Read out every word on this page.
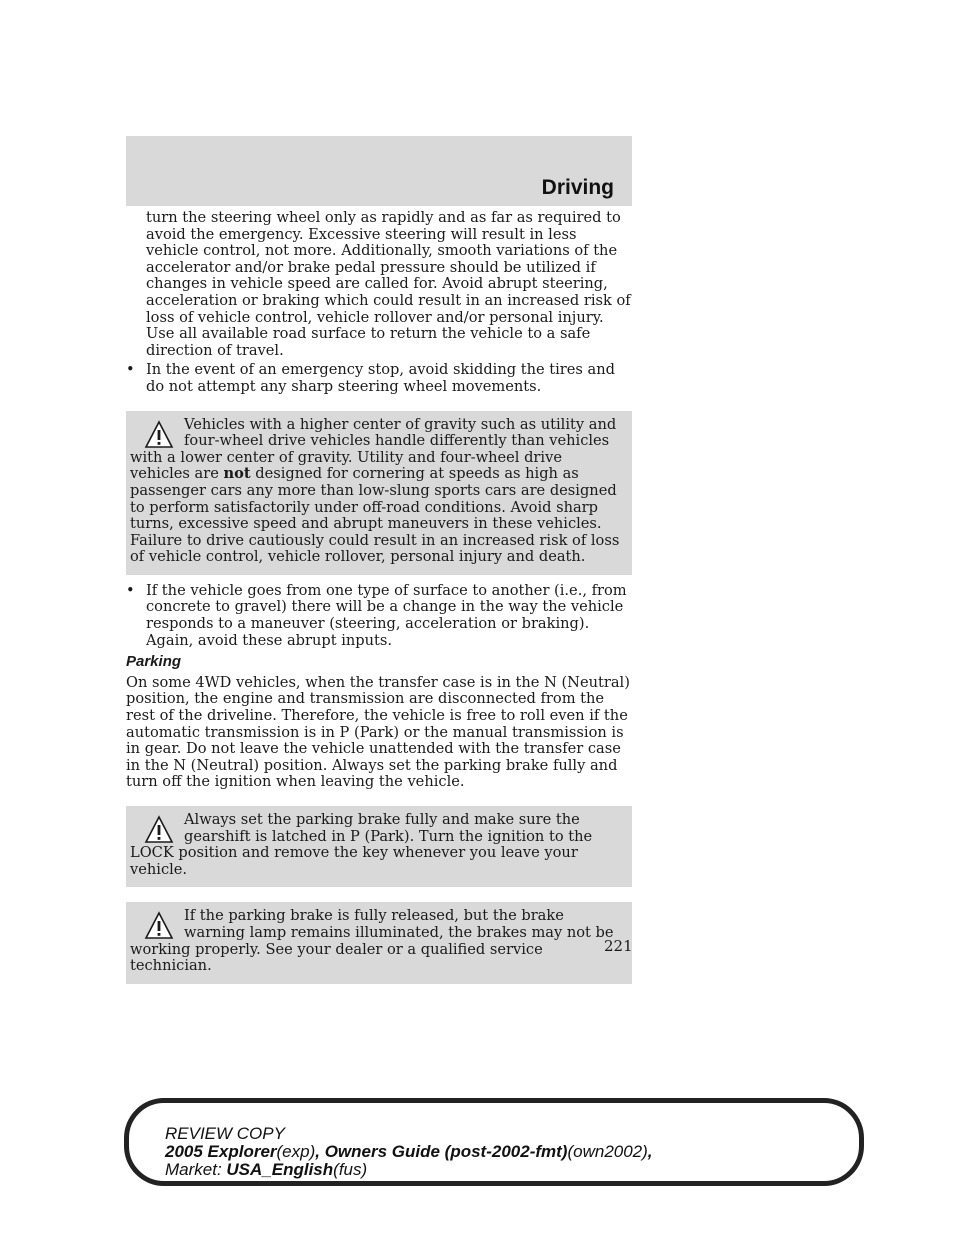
Driving

turn the steering wheel only as rapidly and as far as required to avoid the emergency. Excessive steering will result in less vehicle control, not more. Additionally, smooth variations of the accelerator and/or brake pedal pressure should be utilized if changes in vehicle speed are called for. Avoid abrupt steering, acceleration or braking which could result in an increased risk of loss of vehicle control, vehicle rollover and/or personal injury. Use all available road surface to return the vehicle to a safe direction of travel.

• In the event of an emergency stop, avoid skidding the tires and do not attempt any sharp steering wheel movements.

Vehicles with a higher center of gravity such as utility and four-wheel drive vehicles handle differently than vehicles with a lower center of gravity. Utility and four-wheel drive vehicles are not designed for cornering at speeds as high as passenger cars any more than low-slung sports cars are designed to perform satisfactorily under off-road conditions. Avoid sharp turns, excessive speed and abrupt maneuvers in these vehicles. Failure to drive cautiously could result in an increased risk of loss of vehicle control, vehicle rollover, personal injury and death.

• If the vehicle goes from one type of surface to another (i.e., from concrete to gravel) there will be a change in the way the vehicle responds to a maneuver (steering, acceleration or braking). Again, avoid these abrupt inputs.
Parking

On some 4WD vehicles, when the transfer case is in the N (Neutral) position, the engine and transmission are disconnected from the rest of the driveline. Therefore, the vehicle is free to roll even if the automatic transmission is in P (Park) or the manual transmission is in gear. Do not leave the vehicle unattended with the transfer case in the N (Neutral) position. Always set the parking brake fully and turn off the ignition when leaving the vehicle.

Always set the parking brake fully and make sure the gearshift is latched in P (Park). Turn the ignition to the LOCK position and remove the key whenever you leave your vehicle.

If the parking brake is fully released, but the brake warning lamp remains illuminated, the brakes may not be working properly. See your dealer or a qualified service technician.

221
REVIEW COPY
2005 Explorer(exp), Owners Guide (post-2002-fmt)(own2002),
Market: USA_English(fus)
